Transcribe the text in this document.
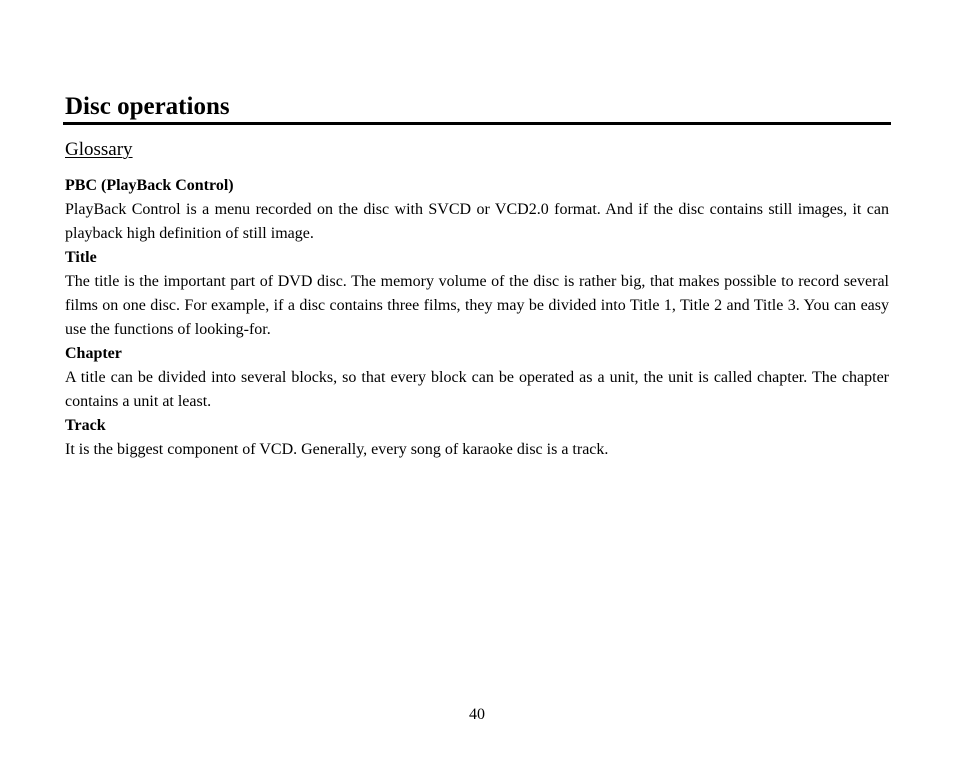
Disc operations
Glossary

PBC (PlayBack Control)

PlayBack Control is a menu recorded on the disc with SVCD or VCD2.0 format. And if the disc contains still images, it can playback high definition of still image.

Title

The title is the important part of DVD disc. The memory volume of the disc is rather big, that makes possible to record several films on one disc. For example, if a disc contains three films, they may be divided into Title 1, Title 2 and Title 3. You can easy use the functions of looking-for.

Chapter

A title can be divided into several blocks, so that every block can be operated as a unit, the unit is called chapter. The chapter contains a unit at least.

Track

It is the biggest component of VCD. Generally, every song of karaoke disc is a track.

40
